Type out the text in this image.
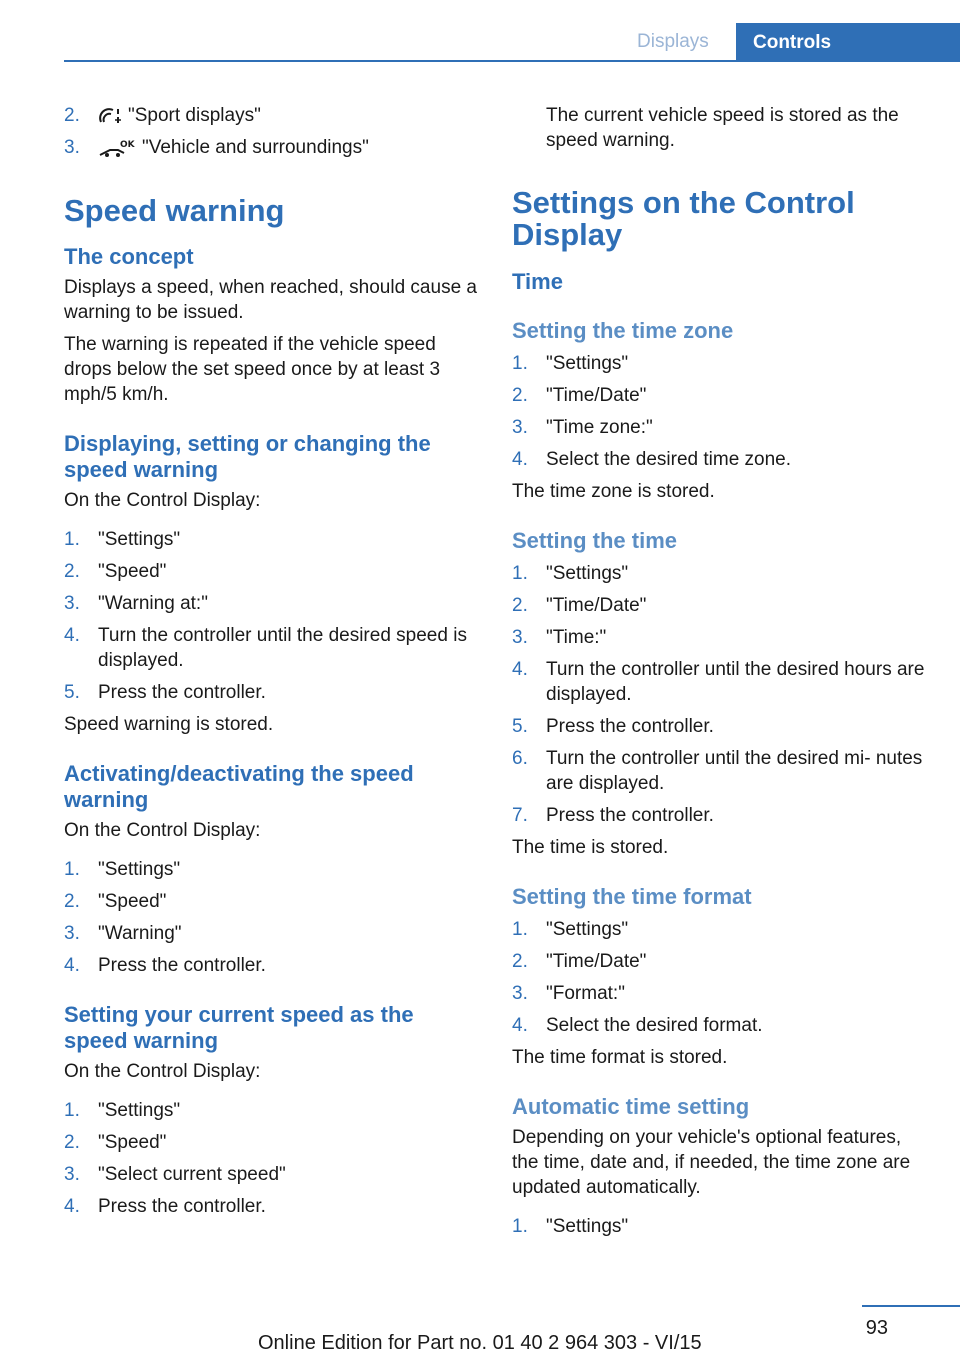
Displays	Controls
2.	"Sport displays"
3.	OK "Vehicle and surroundings"
Speed warning
The concept

Displays a speed, when reached, should cause a warning to be issued.

The warning is repeated if the vehicle speed drops below the set speed once by at least 3 mph/5 km/h.

Displaying, setting or changing the speed warning

On the Control Display:

1. "Settings"
2. "Speed"
3. "Warning at:"
4. Turn the controller until the desired speed is displayed.
5. Press the controller.

Speed warning is stored.

Activating/deactivating the speed warning

On the Control Display:

1. "Settings"
2. "Speed"
3. "Warning"
4. Press the controller.
Setting your current speed as the speed warning

On the Control Display:

1. "Settings"
2. "Speed"
3. "Select current speed"
4. Press the controller.

The current vehicle speed is stored as the speed warning.

Settings on the Control Display
Time
Setting the time zone
1. "Settings"
2. "Time/Date"
3. "Time zone:"
4. Select the desired time zone.

The time zone is stored.

Setting the time
1. "Settings"
2. "Time/Date"
3. "Time:"
4. Turn the controller until the desired hours are displayed.
5. Press the controller.
6. Turn the controller until the desired mi‐ nutes are displayed.
7. Press the controller.

The time is stored.

Setting the time format
1. "Settings"
2. "Time/Date"
3. "Format:"
4. Select the desired format.

The time format is stored.

Automatic time setting

Depending on your vehicle's optional features, the time, date and, if needed, the time zone are updated automatically.

1. "Settings"
93
Online Edition for Part no. 01 40 2 964 303 - VI/15
